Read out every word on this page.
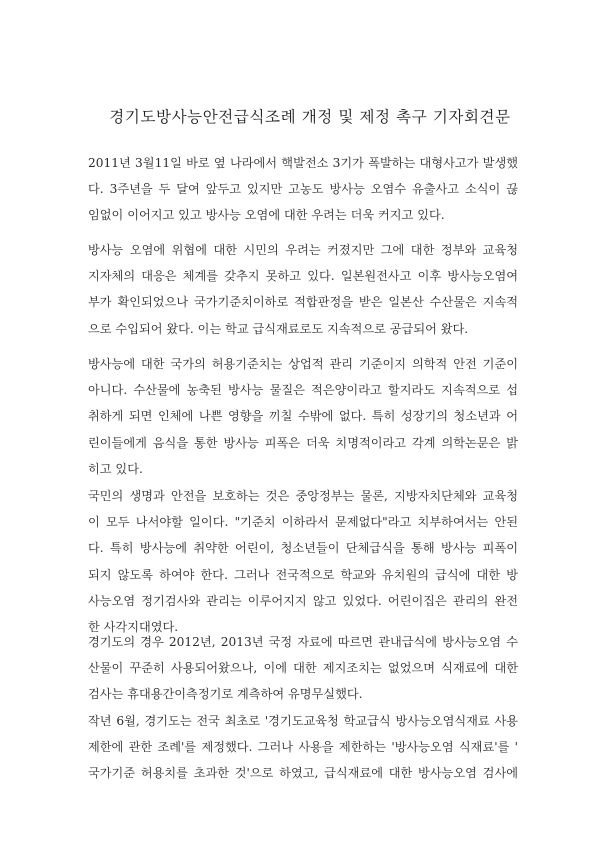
경기도방사능안전급식조례 개정 및 제정 촉구 기자회견문
2011년 3월11일 바로 옆 나라에서 핵발전소 3기가 폭발하는 대형사고가 발생했
다. 3주년을 두 달여 앞두고 있지만 고농도 방사능 오염수 유출사고 소식이 끊
임없이 이어지고 있고 방사능 오염에 대한 우려는 더욱 커지고 있다.
방사능 오염에 위협에 대한 시민의 우려는 커졌지만 그에 대한 정부와 교육청
지자체의 대응은 체계를 갖추지 못하고 있다. 일본원전사고 이후 방사능오염여
부가 확인되었으나 국가기준치이하로 적합판정을 받은 일본산 수산물은 지속적
으로 수입되어 왔다. 이는 학교 급식재료로도 지속적으로 공급되어 왔다.
방사능에 대한 국가의 허용기준치는 상업적 관리 기준이지 의학적 안전 기준이
아니다. 수산물에 농축된 방사능 물질은 적은양이라고 할지라도 지속적으로 섭
취하게 되면 인체에 나쁜 영향을 끼칠 수밖에 없다. 특히 성장기의 청소년과 어
린이들에게 음식을 통한 방사능 피폭은 더욱 치명적이라고 각계 의학논문은 밝
히고 있다.
국민의 생명과 안전을 보호하는 것은 중앙정부는 물론, 지방자치단체와 교육청
이 모두 나서야할 일이다. "기준치 이하라서 문제없다"라고 치부하여서는 안된
다. 특히 방사능에 취약한 어린이, 청소년들이 단체급식을 통해 방사능 피폭이
되지 않도록 하여야 한다. 그러나 전국적으로 학교와 유치원의 급식에 대한 방
사능오염 정기검사와 관리는 이루어지지 않고 있었다. 어린이집은 관리의 완전
한 사각지대였다.
경기도의 경우 2012년, 2013년 국정 자료에 따르면 관내급식에 방사능오염 수
산물이 꾸준히 사용되어왔으나, 이에 대한 제지조치는 없었으며 식재료에 대한
검사는 휴대용간이측정기로 계측하여 유명무실했다.
작년 6월, 경기도는 전국 최초로 '경기도교육청 학교급식 방사능오염식재료 사용
제한에 관한 조례'를 제정했다. 그러나 사용을 제한하는 '방사능오염 식재료'를 '
국가기준 허용치를 초과한 것'으로 하였고, 급식재료에 대한 방사능오염 검사에
